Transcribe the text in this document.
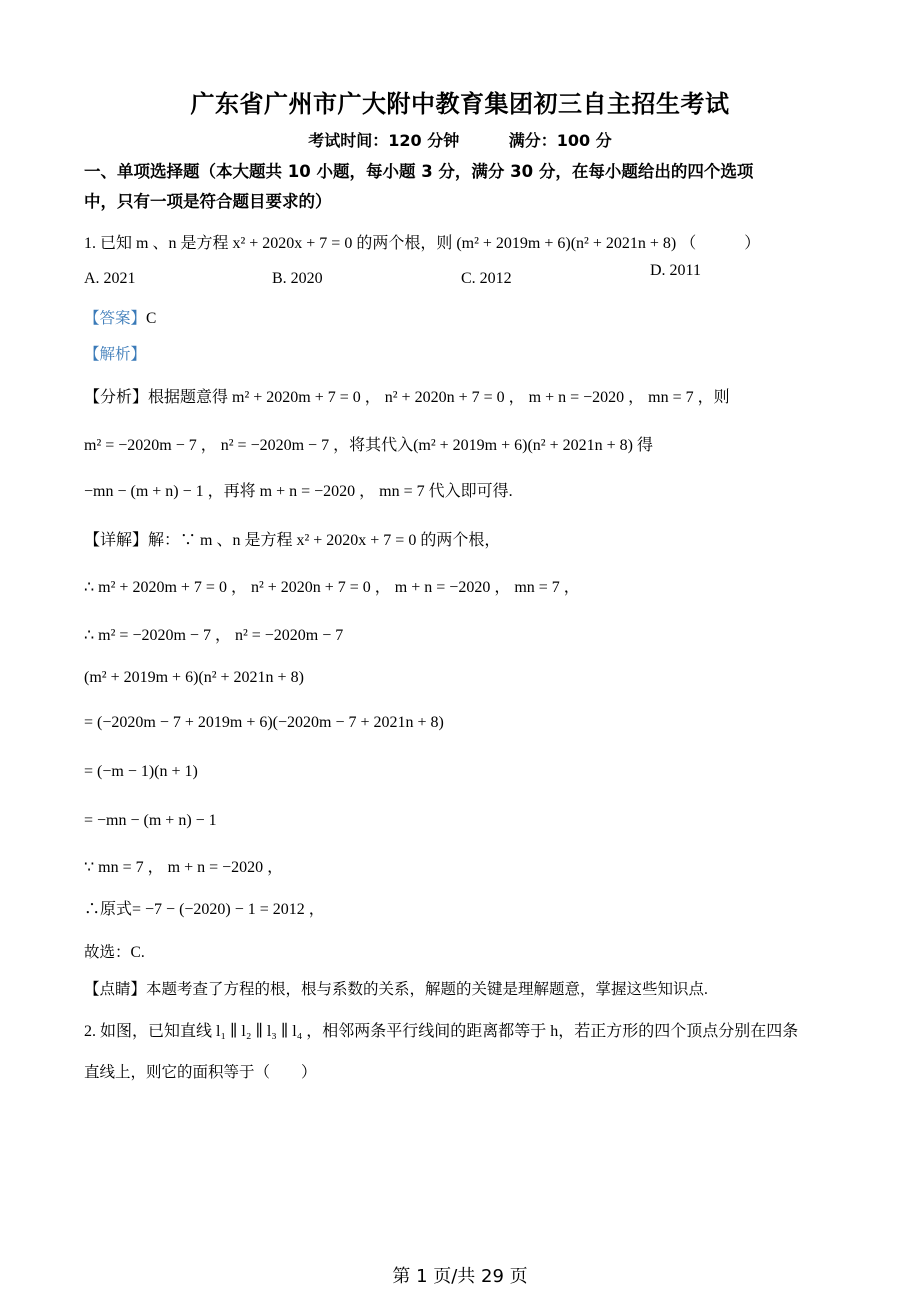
广东省广州市广大附中教育集团初三自主招生考试
考试时间：120 分钟	满分：100 分
一、单项选择题（本大题共 10 小题，每小题 3 分，满分 30 分，在每小题给出的四个选项
中，只有一项是符合题目要求的）
1. 已知 m 、n 是方程 x² + 2020x + 7 = 0 的两个根，则 (m² + 2019m + 6)(n² + 2021n + 8) （　　　）
A. 2021	B. 2020	C. 2012	D. 2011
【答案】C
【解析】
【分析】根据题意得 m² + 2020m + 7 = 0 ， n² + 2020n + 7 = 0 ， m + n = −2020 ， mn = 7 ，则
m² = −2020m − 7 ， n² = −2020m − 7 ，将其代入(m² + 2019m + 6)(n² + 2021n + 8) 得
−mn − (m + n) − 1 ，再将 m + n = −2020 ， mn = 7 代入即可得.
【详解】解：∵ m 、n 是方程 x² + 2020x + 7 = 0 的两个根，
∴ m² + 2020m + 7 = 0 ， n² + 2020n + 7 = 0 ， m + n = −2020 ， mn = 7 ，
∴ m² = −2020m − 7 ， n² = −2020m − 7
(m² + 2019m + 6)(n² + 2021n + 8)
= (−2020m − 7 + 2019m + 6)(−2020m − 7 + 2021n + 8)
= (−m − 1)(n + 1)
= −mn − (m + n) − 1
∵ mn = 7 ， m + n = −2020 ，
∴原式= −7 − (−2020) − 1 = 2012 ，
故选：C.
【点睛】本题考查了方程的根，根与系数的关系，解题的关键是理解题意，掌握这些知识点.
2. 如图，已知直线 l₁ ∥ l₂ ∥ l₃ ∥ l₄ ，相邻两条平行线间的距离都等于 h，若正方形的四个顶点分别在四条
直线上，则它的面积等于（　　）
第 1 页/共 29 页
